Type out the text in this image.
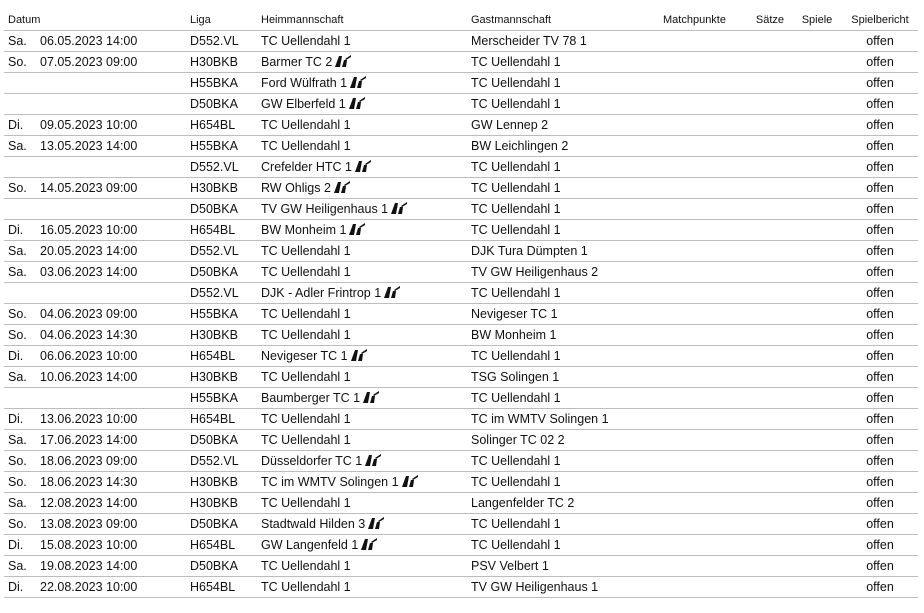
Datum	Liga	Heimmannschaft	Gastmannschaft	Matchpunkte	Sätze	Spiele	Spielbericht
Sa. 06.05.2023 14:00	D552.VL	TC Uellendahl 1	Merscheider TV 78 1				offen
So. 07.05.2023 09:00	H30BKB	Barmer TC 2	TC Uellendahl 1				offen
	H55BKA	Ford Wülfrath 1	TC Uellendahl 1				offen
	D50BKA	GW Elberfeld 1	TC Uellendahl 1				offen
Di. 09.05.2023 10:00	H654BL	TC Uellendahl 1	GW Lennep 2				offen
Sa. 13.05.2023 14:00	H55BKA	TC Uellendahl 1	BW Leichlingen 2				offen
	D552.VL	Crefelder HTC 1	TC Uellendahl 1				offen
So. 14.05.2023 09:00	H30BKB	RW Ohligs 2	TC Uellendahl 1				offen
	D50BKA	TV GW Heiligenhaus 1	TC Uellendahl 1				offen
Di. 16.05.2023 10:00	H654BL	BW Monheim 1	TC Uellendahl 1				offen
Sa. 20.05.2023 14:00	D552.VL	TC Uellendahl 1	DJK Tura Dümpten 1				offen
Sa. 03.06.2023 14:00	D50BKA	TC Uellendahl 1	TV GW Heiligenhaus 2				offen
	D552.VL	DJK - Adler Frintrop 1	TC Uellendahl 1				offen
So. 04.06.2023 09:00	H55BKA	TC Uellendahl 1	Nevigeser TC 1				offen
So. 04.06.2023 14:30	H30BKB	TC Uellendahl 1	BW Monheim 1				offen
Di. 06.06.2023 10:00	H654BL	Nevigeser TC 1	TC Uellendahl 1				offen
Sa. 10.06.2023 14:00	H30BKB	TC Uellendahl 1	TSG Solingen 1				offen
	H55BKA	Baumberger TC 1	TC Uellendahl 1				offen
Di. 13.06.2023 10:00	H654BL	TC Uellendahl 1	TC im WMTV Solingen 1				offen
Sa. 17.06.2023 14:00	D50BKA	TC Uellendahl 1	Solinger TC 02 2				offen
So. 18.06.2023 09:00	D552.VL	Düsseldorfer TC 1	TC Uellendahl 1				offen
So. 18.06.2023 14:30	H30BKB	TC im WMTV Solingen 1	TC Uellendahl 1				offen
Sa. 12.08.2023 14:00	H30BKB	TC Uellendahl 1	Langenfelder TC 2				offen
So. 13.08.2023 09:00	D50BKA	Stadtwald Hilden 3	TC Uellendahl 1				offen
Di. 15.08.2023 10:00	H654BL	GW Langenfeld 1	TC Uellendahl 1				offen
Sa. 19.08.2023 14:00	D50BKA	TC Uellendahl 1	PSV Velbert 1				offen
Di. 22.08.2023 10:00	H654BL	TC Uellendahl 1	TV GW Heiligenhaus 1				offen
